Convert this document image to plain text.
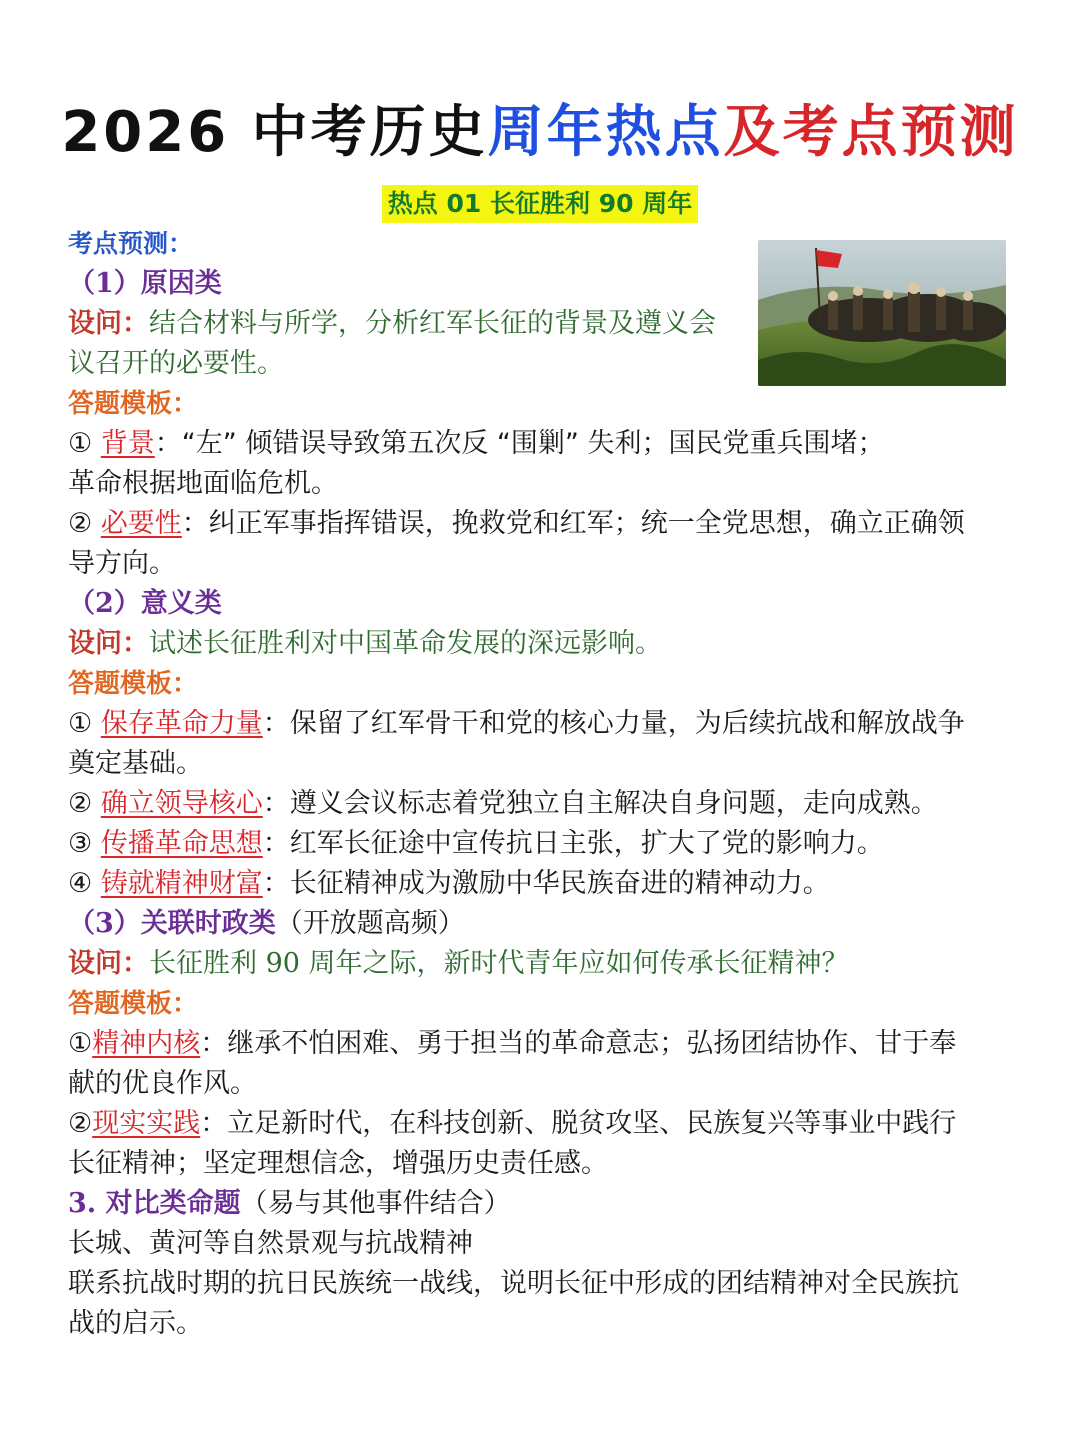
2026 中考历史周年热点及考点预测
热点 01 长征胜利 90 周年
考点预测：
（1）原因类
设问：结合材料与所学，分析红军长征的背景及遵义会
议召开的必要性。
答题模板：
① 背景：“左” 倾错误导致第五次反 “围剿” 失利；国民党重兵围堵；
革命根据地面临危机。
② 必要性：纠正军事指挥错误，挽救党和红军；统一全党思想，确立正确领
导方向。
（2）意义类
设问：试述长征胜利对中国革命发展的深远影响。
答题模板：
① 保存革命力量：保留了红军骨干和党的核心力量，为后续抗战和解放战争
奠定基础。
② 确立领导核心：遵义会议标志着党独立自主解决自身问题，走向成熟。
③ 传播革命思想：红军长征途中宣传抗日主张，扩大了党的影响力。
④ 铸就精神财富：长征精神成为激励中华民族奋进的精神动力。
（3）关联时政类（开放题高频）
设问：长征胜利 90 周年之际，新时代青年应如何传承长征精神？
答题模板：
①精神内核：继承不怕困难、勇于担当的革命意志；弘扬团结协作、甘于奉
献的优良作风。
②现实实践：立足新时代，在科技创新、脱贫攻坚、民族复兴等事业中践行
长征精神；坚定理想信念，增强历史责任感。
3. 对比类命题（易与其他事件结合）
长城、黄河等自然景观与抗战精神
联系抗战时期的抗日民族统一战线，说明长征中形成的团结精神对全民族抗
战的启示。
